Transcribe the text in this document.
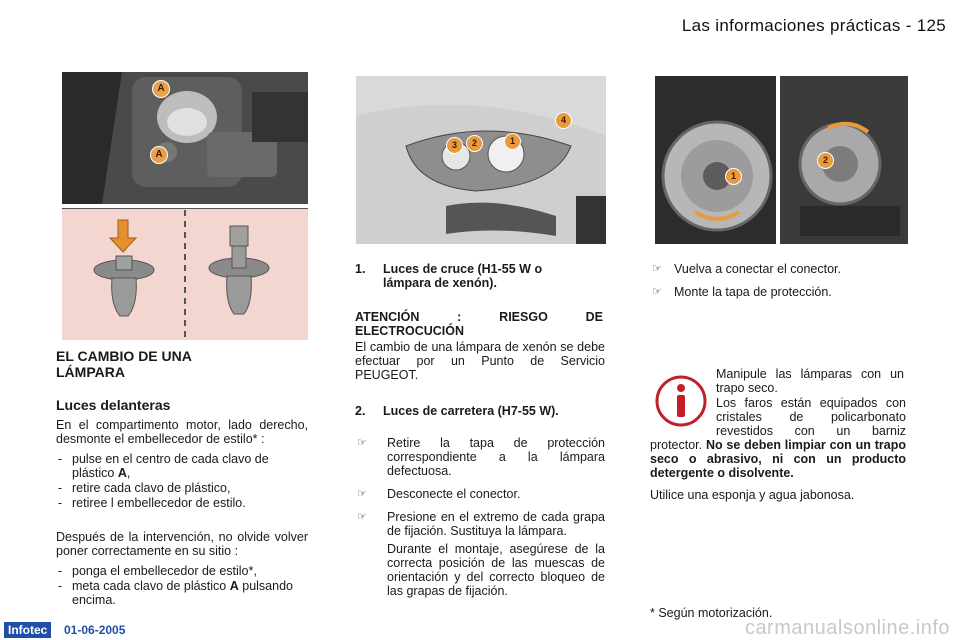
Las informaciones prácticas - 125
A
A
3	2	1
4
1
2
EL CAMBIO DE UNA LÁMPARA
Luces delanteras

En el compartimento motor, lado derecho, desmonte el embellecedor de estilo* :

- pulse en el centro de cada clavo de plástico A,
- retire cada clavo de plástico,
- retiree l embellecedor de estilo.

Después de la intervención, no olvide volver poner correctamente en su sitio :

- ponga el embellecedor de estilo*,
- meta cada clavo de plástico A pulsando encima.
1.	Luces de cruce (H1-55 W o lámpara de xenón).
ATENCIÓN : RIESGO DE ELECTROCUCIÓN

El cambio de una lámpara de xenón se debe efectuar por un Punto de Servicio PEUGEOT.

2.	Luces de carretera (H7-55 W).
☞ Retire la tapa de protección correspondiente a la lámpara defectuosa.
☞ Desconecte el conector.
☞ Presione en el extremo de cada grapa de fijación. Sustituya la lámpara.

Durante el montaje, asegúrese de la correcta posición de las muescas de orientación y del correcto bloqueo de las grapas de fijación.

☞ Vuelva a conectar el conector.
☞ Monte la tapa de protección.
Manipule las lámparas con un trapo seco.
Los faros están equipados con cristales de policarbonato revestidos con un barniz protector. No se deben limpiar con un trapo seco o abrasivo, ni con un producto detergente o disolvente.
Utilice una esponja y agua jabonosa.
* Según motorización.
Infotec	01-06-2005	carmanualsonline.info
